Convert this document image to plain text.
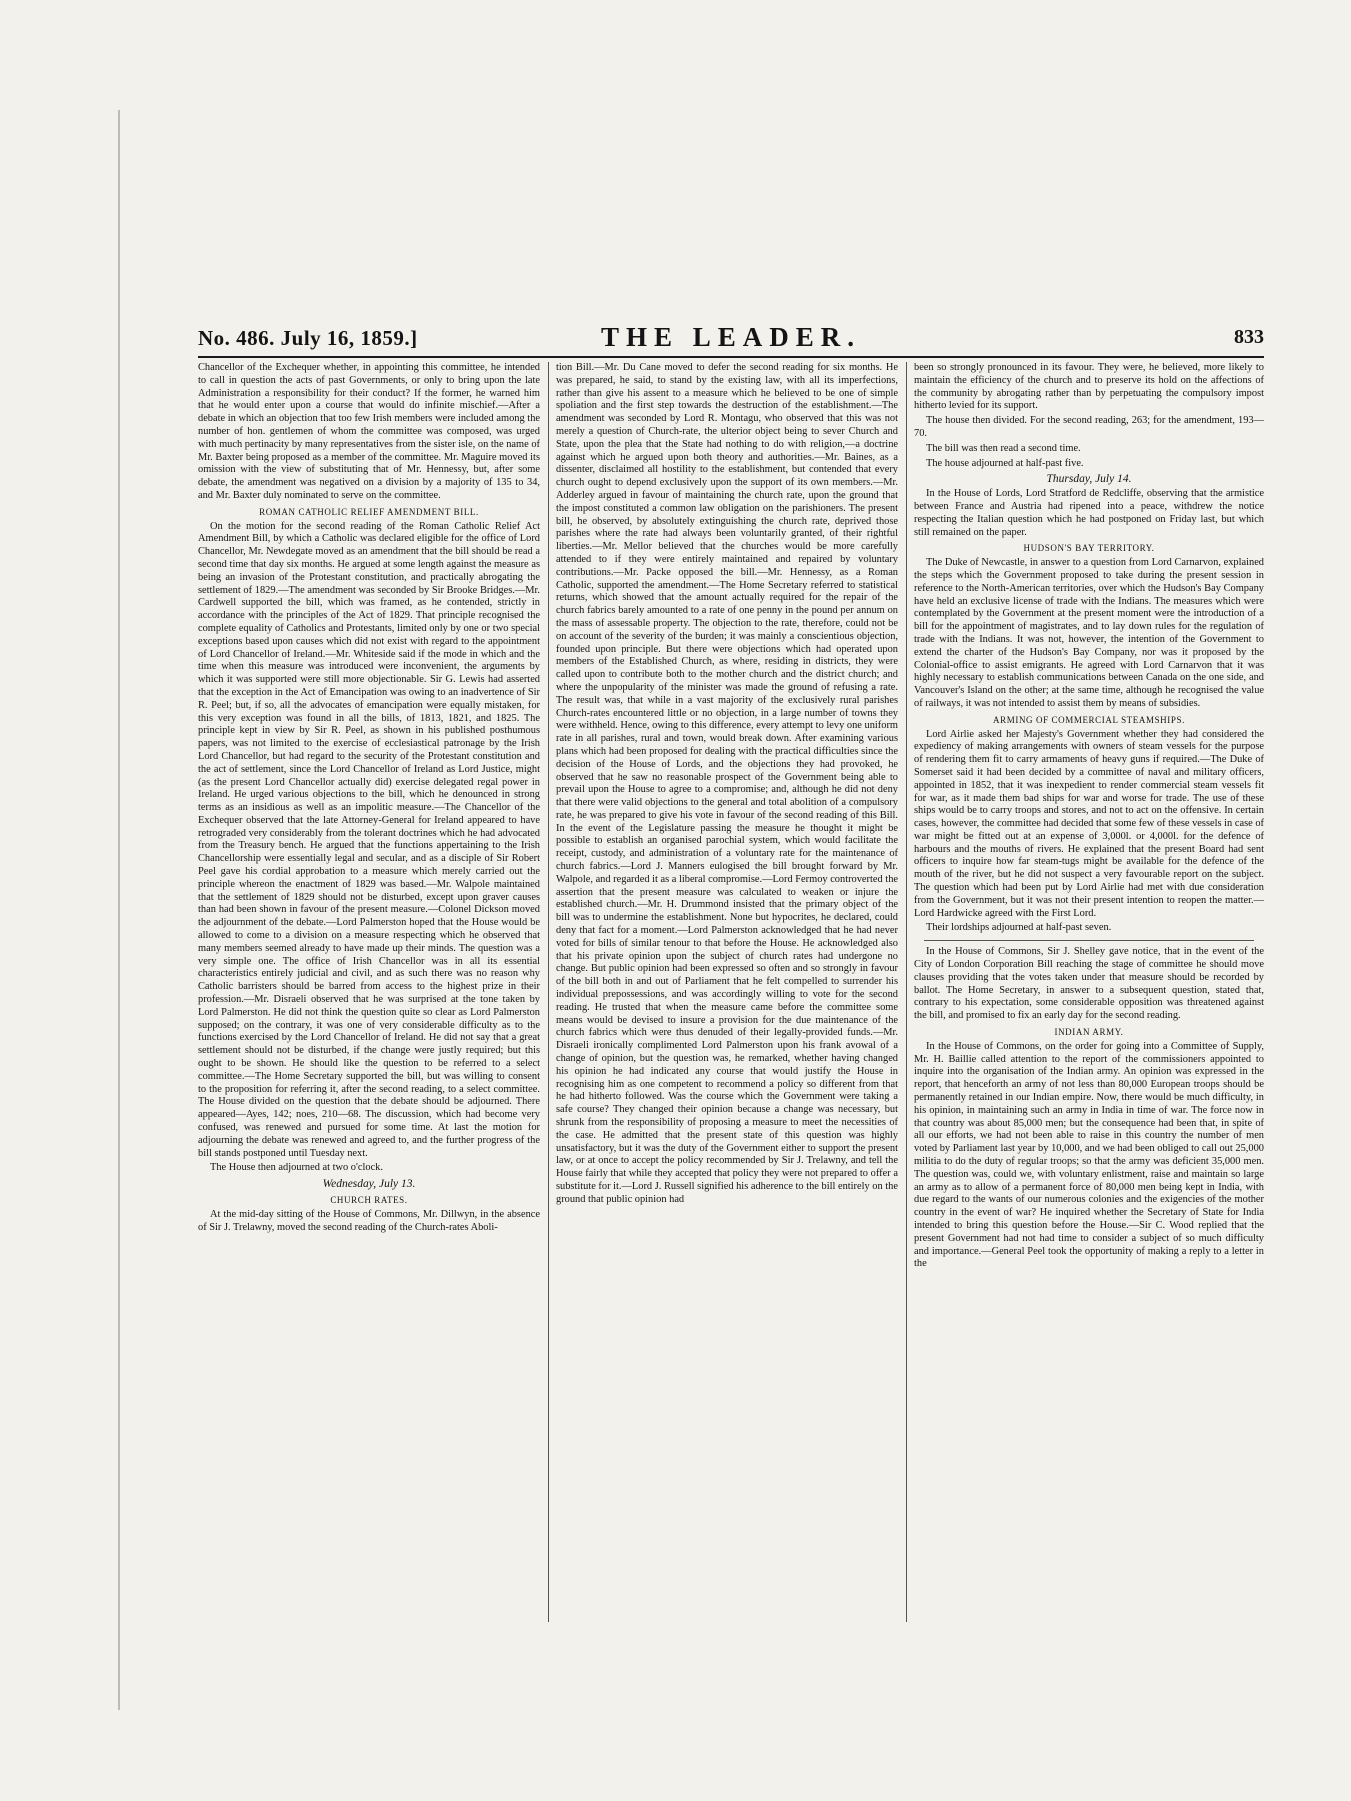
THE LEADER.
No. 486. July 16, 1859.]	833

Chancellor of the Exchequer whether, in appointing this committee, he intended to call in question the acts of past Governments, or only to bring upon the late Administration a responsibility for their conduct? If the former, he warned him that he would enter upon a course that would do infinite mischief.—After a debate in which an objection that too few Irish members were included among the number of hon. gentlemen of whom the committee was composed, was urged with much pertinacity by many representatives from the sister isle, on the name of Mr. Baxter being proposed as a member of the committee. Mr. Maguire moved its omission with the view of substituting that of Mr. Hennessy, but, after some debate, the amendment was negatived on a division by a majority of 135 to 34, and Mr. Baxter duly nominated to serve on the committee.

ROMAN CATHOLIC RELIEF AMENDMENT BILL.

On the motion for the second reading of the Roman Catholic Relief Act Amendment Bill, by which a Catholic was declared eligible for the office of Lord Chancellor, Mr. Newdegate moved as an amendment that the bill should be read a second time that day six months. He argued at some length against the measure as being an invasion of the Protestant constitution, and practically abrogating the settlement of 1829.—The amendment was seconded by Sir Brooke Bridges.—Mr. Cardwell supported the bill, which was framed, as he contended, strictly in accordance with the principles of the Act of 1829. That principle recognised the complete equality of Catholics and Protestants, limited only by one or two special exceptions based upon causes which did not exist with regard to the appointment of Lord Chancellor of Ireland.—Mr. Whiteside said if the mode in which and the time when this measure was introduced were inconvenient, the arguments by which it was supported were still more objectionable. Sir G. Lewis had asserted that the exception in the Act of Emancipation was owing to an inadvertence of Sir R. Peel; but, if so, all the advocates of emancipation were equally mistaken, for this very exception was found in all the bills, of 1813, 1821, and 1825. The principle kept in view by Sir R. Peel, as shown in his published posthumous papers, was not limited to the exercise of ecclesiastical patronage by the Irish Lord Chancellor, but had regard to the security of the Protestant constitution and the act of settlement, since the Lord Chancellor of Ireland as Lord Justice, might (as the present Lord Chancellor actually did) exercise delegated regal power in Ireland. He urged various objections to the bill, which he denounced in strong terms as an insidious as well as an impolitic measure.—The Chancellor of the Exchequer observed that the late Attorney-General for Ireland appeared to have retrograded very considerably from the tolerant doctrines which he had advocated from the Treasury bench. He argued that the functions appertaining to the Irish Chancellorship were essentially legal and secular, and as a disciple of Sir Robert Peel gave his cordial approbation to a measure which merely carried out the principle whereon the enactment of 1829 was based.—Mr. Walpole maintained that the settlement of 1829 should not be disturbed, except upon graver causes than had been shown in favour of the present measure.—Colonel Dickson moved the adjournment of the debate.—Lord Palmerston hoped that the House would be allowed to come to a division on a measure respecting which he observed that many members seemed already to have made up their minds. The question was a very simple one. The office of Irish Chancellor was in all its essential characteristics entirely judicial and civil, and as such there was no reason why Catholic barristers should be barred from access to the highest prize in their profession.—Mr. Disraeli observed that he was surprised at the tone taken by Lord Palmerston. He did not think the question quite so clear as Lord Palmerston supposed; on the contrary, it was one of very considerable difficulty as to the functions exercised by the Lord Chancellor of Ireland. He did not say that a great settlement should not be disturbed, if the change were justly required; but this ought to be shown. He should like the question to be referred to a select committee.—The Home Secretary supported the bill, but was willing to consent to the proposition for referring it, after the second reading, to a select committee. The House divided on the question that the debate should be adjourned. There appeared—Ayes, 142; noes, 210—68. The discussion, which had become very confused, was renewed and pursued for some time. At last the motion for adjourning the debate was renewed and agreed to, and the further progress of the bill stands postponed until Tuesday next.

The House then adjourned at two o'clock.

Wednesday, July 13.
CHURCH RATES.

At the mid-day sitting of the House of Commons, Mr. Dillwyn, in the absence of Sir J. Trelawny, moved the second reading of the Church-rates Aboli-

tion Bill.—Mr. Du Cane moved to defer the second reading for six months. He was prepared, he said, to stand by the existing law, with all its imperfections, rather than give his assent to a measure which he believed to be one of simple spoliation and the first step towards the destruction of the establishment.—The amendment was seconded by Lord R. Montagu, who observed that this was not merely a question of Church-rate, the ulterior object being to sever Church and State, upon the plea that the State had nothing to do with religion,—a doctrine against which he argued upon both theory and authorities.—Mr. Baines, as a dissenter, disclaimed all hostility to the establishment, but contended that every church ought to depend exclusively upon the support of its own members.—Mr. Adderley argued in favour of maintaining the church rate, upon the ground that the impost constituted a common law obligation on the parishioners. The present bill, he observed, by absolutely extinguishing the church rate, deprived those parishes where the rate had always been voluntarily granted, of their rightful liberties.—Mr. Mellor believed that the churches would be more carefully attended to if they were entirely maintained and repaired by voluntary contributions.—Mr. Packe opposed the bill.—Mr. Hennessy, as a Roman Catholic, supported the amendment.—The Home Secretary referred to statistical returns, which showed that the amount actually required for the repair of the church fabrics barely amounted to a rate of one penny in the pound per annum on the mass of assessable property. The objection to the rate, therefore, could not be on account of the severity of the burden; it was mainly a conscientious objection, founded upon principle. But there were objections which had operated upon members of the Established Church, as where, residing in districts, they were called upon to contribute both to the mother church and the district church; and where the unpopularity of the minister was made the ground of refusing a rate. The result was, that while in a vast majority of the exclusively rural parishes Church-rates encountered little or no objection, in a large number of towns they were withheld. Hence, owing to this difference, every attempt to levy one uniform rate in all parishes, rural and town, would break down. After examining various plans which had been proposed for dealing with the practical difficulties since the decision of the House of Lords, and the objections they had provoked, he observed that he saw no reasonable prospect of the Government being able to prevail upon the House to agree to a compromise; and, although he did not deny that there were valid objections to the general and total abolition of a compulsory rate, he was prepared to give his vote in favour of the second reading of this Bill. In the event of the Legislature passing the measure he thought it might be possible to establish an organised parochial system, which would facilitate the receipt, custody, and administration of a voluntary rate for the maintenance of church fabrics.—Lord J. Manners eulogised the bill brought forward by Mr. Walpole, and regarded it as a liberal compromise.—Lord Fermoy controverted the assertion that the present measure was calculated to weaken or injure the established church.—Mr. H. Drummond insisted that the primary object of the bill was to undermine the establishment. None but hypocrites, he declared, could deny that fact for a moment.—Lord Palmerston acknowledged that he had never voted for bills of similar tenour to that before the House. He acknowledged also that his private opinion upon the subject of church rates had undergone no change. But public opinion had been expressed so often and so strongly in favour of the bill both in and out of Parliament that he felt compelled to surrender his individual prepossessions, and was accordingly willing to vote for the second reading. He trusted that when the measure came before the committee some means would be devised to insure a provision for the due maintenance of the church fabrics which were thus denuded of their legally-provided funds.—Mr. Disraeli ironically complimented Lord Palmerston upon his frank avowal of a change of opinion, but the question was, he remarked, whether having changed his opinion he had indicated any course that would justify the House in recognising him as one competent to recommend a policy so different from that he had hitherto followed. Was the course which the Government were taking a safe course? They changed their opinion because a change was necessary, but shrunk from the responsibility of proposing a measure to meet the necessities of the case. He admitted that the present state of this question was highly unsatisfactory, but it was the duty of the Government either to support the present law, or at once to accept the policy recommended by Sir J. Trelawny, and tell the House fairly that while they accepted that policy they were not prepared to offer a substitute for it.—Lord J. Russell signified his adherence to the bill entirely on the ground that public opinion had

been so strongly pronounced in its favour. They were, he believed, more likely to maintain the efficiency of the church and to preserve its hold on the affections of the community by abrogating rather than by perpetuating the compulsory impost hitherto levied for its support.

The house then divided. For the second reading, 263; for the amendment, 193—70.

The bill was then read a second time.

The house adjourned at half-past five.

Thursday, July 14.

In the House of Lords, Lord Stratford de Redcliffe, observing that the armistice between France and Austria had ripened into a peace, withdrew the notice respecting the Italian question which he had postponed on Friday last, but which still remained on the paper.

HUDSON'S BAY TERRITORY.

The Duke of Newcastle, in answer to a question from Lord Carnarvon, explained the steps which the Government proposed to take during the present session in reference to the North-American territories, over which the Hudson's Bay Company have held an exclusive license of trade with the Indians. The measures which were contemplated by the Government at the present moment were the introduction of a bill for the appointment of magistrates, and to lay down rules for the regulation of trade with the Indians. It was not, however, the intention of the Government to extend the charter of the Hudson's Bay Company, nor was it proposed by the Colonial-office to assist emigrants. He agreed with Lord Carnarvon that it was highly necessary to establish communications between Canada on the one side, and Vancouver's Island on the other; at the same time, although he recognised the value of railways, it was not intended to assist them by means of subsidies.

ARMING OF COMMERCIAL STEAMSHIPS.

Lord Airlie asked her Majesty's Government whether they had considered the expediency of making arrangements with owners of steam vessels for the purpose of rendering them fit to carry armaments of heavy guns if required.—The Duke of Somerset said it had been decided by a committee of naval and military officers, appointed in 1852, that it was inexpedient to render commercial steam vessels fit for war, as it made them bad ships for war and worse for trade. The use of these ships would be to carry troops and stores, and not to act on the offensive. In certain cases, however, the committee had decided that some few of these vessels in case of war might be fitted out at an expense of 3,000l. or 4,000l. for the defence of harbours and the mouths of rivers. He explained that the present Board had sent officers to inquire how far steam-tugs might be available for the defence of the mouth of the river, but he did not suspect a very favourable report on the subject. The question which had been put by Lord Airlie had met with due consideration from the Government, but it was not their present intention to reopen the matter.—Lord Hardwicke agreed with the First Lord.

Their lordships adjourned at half-past seven.

In the House of Commons, Sir J. Shelley gave notice, that in the event of the City of London Corporation Bill reaching the stage of committee he should move clauses providing that the votes taken under that measure should be recorded by ballot. The Home Secretary, in answer to a subsequent question, stated that, contrary to his expectation, some considerable opposition was threatened against the bill, and promised to fix an early day for the second reading.

INDIAN ARMY.

In the House of Commons, on the order for going into a Committee of Supply, Mr. H. Baillie called attention to the report of the commissioners appointed to inquire into the organisation of the Indian army. An opinion was expressed in the report, that henceforth an army of not less than 80,000 European troops should be permanently retained in our Indian empire. Now, there would be much difficulty, in his opinion, in maintaining such an army in India in time of war. The force now in that country was about 85,000 men; but the consequence had been that, in spite of all our efforts, we had not been able to raise in this country the number of men voted by Parliament last year by 10,000, and we had been obliged to call out 25,000 militia to do the duty of regular troops; so that the army was deficient 35,000 men. The question was, could we, with voluntary enlistment, raise and maintain so large an army as to allow of a permanent force of 80,000 men being kept in India, with due regard to the wants of our numerous colonies and the exigencies of the mother country in the event of war? He inquired whether the Secretary of State for India intended to bring this question before the House.—Sir C. Wood replied that the present Government had not had time to consider a subject of so much difficulty and importance.—General Peel took the opportunity of making a reply to a letter in the
